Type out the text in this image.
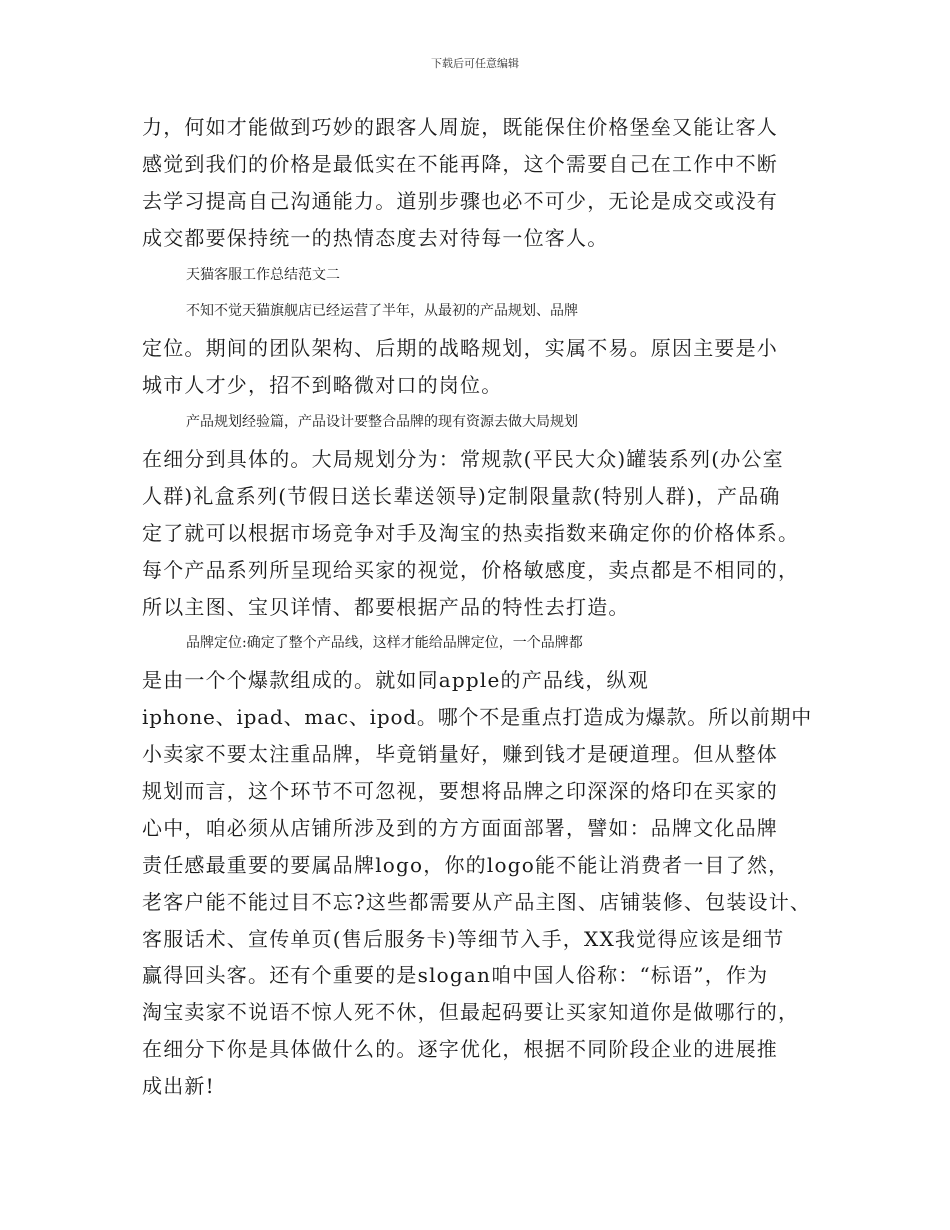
下载后可任意编辑
力，何如才能做到巧妙的跟客人周旋，既能保住价格堡垒又能让客人
感觉到我们的价格是最低实在不能再降，这个需要自己在工作中不断
去学习提高自己沟通能力。道别步骤也必不可少，无论是成交或没有
成交都要保持统一的热情态度去对待每一位客人。
天猫客服工作总结范文二
不知不觉天猫旗舰店已经运营了半年，从最初的产品规划、品牌
定位。期间的团队架构、后期的战略规划，实属不易。原因主要是小
城市人才少，招不到略微对口的岗位。
产品规划经验篇，产品设计要整合品牌的现有资源去做大局规划
在细分到具体的。大局规划分为：常规款(平民大众)罐装系列(办公室
人群)礼盒系列(节假日送长辈送领导)定制限量款(特别人群)，产品确
定了就可以根据市场竞争对手及淘宝的热卖指数来确定你的价格体系。
每个产品系列所呈现给买家的视觉，价格敏感度，卖点都是不相同的，
所以主图、宝贝详情、都要根据产品的特性去打造。
品牌定位:确定了整个产品线，这样才能给品牌定位，一个品牌都
是由一个个爆款组成的。就如同apple的产品线，纵观
iphone、ipad、mac、ipod。哪个不是重点打造成为爆款。所以前期中
小卖家不要太注重品牌，毕竟销量好，赚到钱才是硬道理。但从整体
规划而言，这个环节不可忽视，要想将品牌之印深深的烙印在买家的
心中，咱必须从店铺所涉及到的方方面面部署，譬如：品牌文化品牌
责任感最重要的要属品牌logo，你的logo能不能让消费者一目了然，
老客户能不能过目不忘?这些都需要从产品主图、店铺装修、包装设计、
客服话术、宣传单页(售后服务卡)等细节入手，XX我觉得应该是细节
赢得回头客。还有个重要的是slogan咱中国人俗称：“标语”，作为
淘宝卖家不说语不惊人死不休，但最起码要让买家知道你是做哪行的，
在细分下你是具体做什么的。逐字优化，根据不同阶段企业的进展推
成出新!
